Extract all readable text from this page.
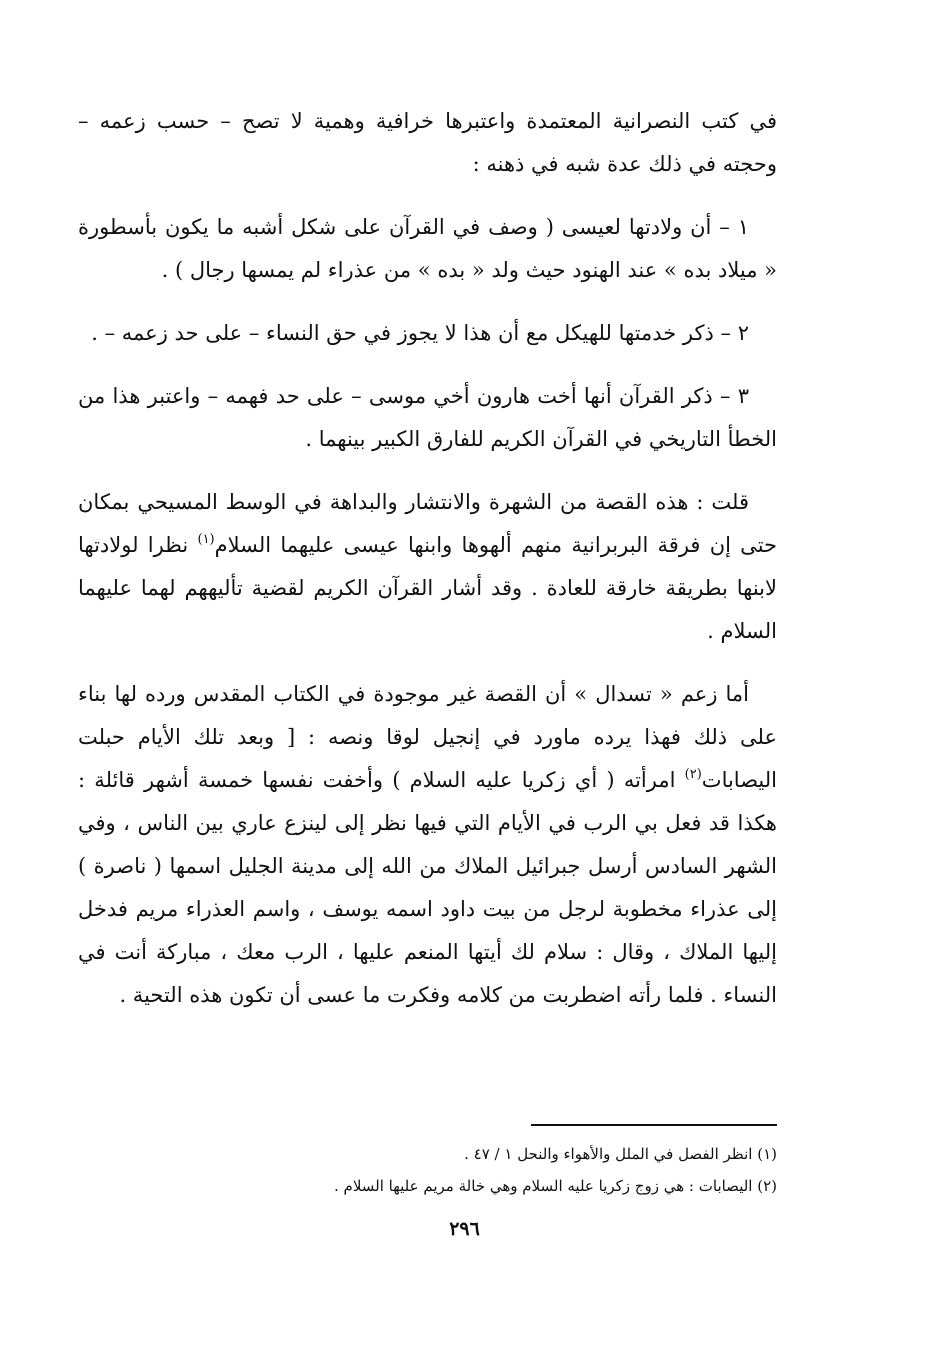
في كتب النصرانية المعتمدة واعتبرها خرافية وهمية لا تصح – حسب زعمه – وحجته في ذلك عدة شبه في ذهنه :

١ – أن ولادتها لعيسى ( وصف في القرآن على شكل أشبه ما يكون بأسطورة « ميلاد بده » عند الهنود حيث ولد « بده » من عذراء لم يمسها رجال ) .

٢ – ذكر خدمتها للهيكل مع أن هذا لا يجوز في حق النساء – على حد زعمه – .

٣ – ذكر القرآن أنها أخت هارون أخي موسى – على حد فهمه – واعتبر هذا من الخطأ التاريخي في القرآن الكريم للفارق الكبير بينهما .

قلت : هذه القصة من الشهرة والانتشار والبداهة في الوسط المسيحي بمكان حتى إن فرقة البربرانية منهم ألهوها وابنها عيسى عليهما السلام$^{(١)}$ نظرا لولادتها لابنها بطريقة خارقة للعادة . وقد أشار القرآن الكريم لقضية تأليههم لهما عليهما السلام .

أما زعم « تسدال » أن القصة غير موجودة في الكتاب المقدس ورده لها بناء على ذلك فهذا يرده ماورد في إنجيل لوقا ونصه : [ وبعد تلك الأيام حبلت اليصابات$^{(٢)}$ امرأته ( أي زكريا عليه السلام ) وأخفت نفسها خمسة أشهر قائلة : هكذا قد فعل بي الرب في الأيام التي فيها نظر إلى لينزع عاري بين الناس ، وفي الشهر السادس أرسل جبرائيل الملاك من الله إلى مدينة الجليل اسمها ( ناصرة ) إلى عذراء مخطوبة لرجل من بيت داود اسمه يوسف ، واسم العذراء مريم فدخل إليها الملاك ، وقال : سلام لك أيتها المنعم عليها ، الرب معك ، مباركة أنت في النساء . فلما رأته اضطربت من كلامه وفكرت ما عسى أن تكون هذه التحية .

(١) انظر الفصل في الملل والأهواء والنحل ١ / ٤٧ .

(٢) اليصابات : هي زوج زكريا عليه السلام وهي خالة مريم عليها السلام .

٢٩٦
